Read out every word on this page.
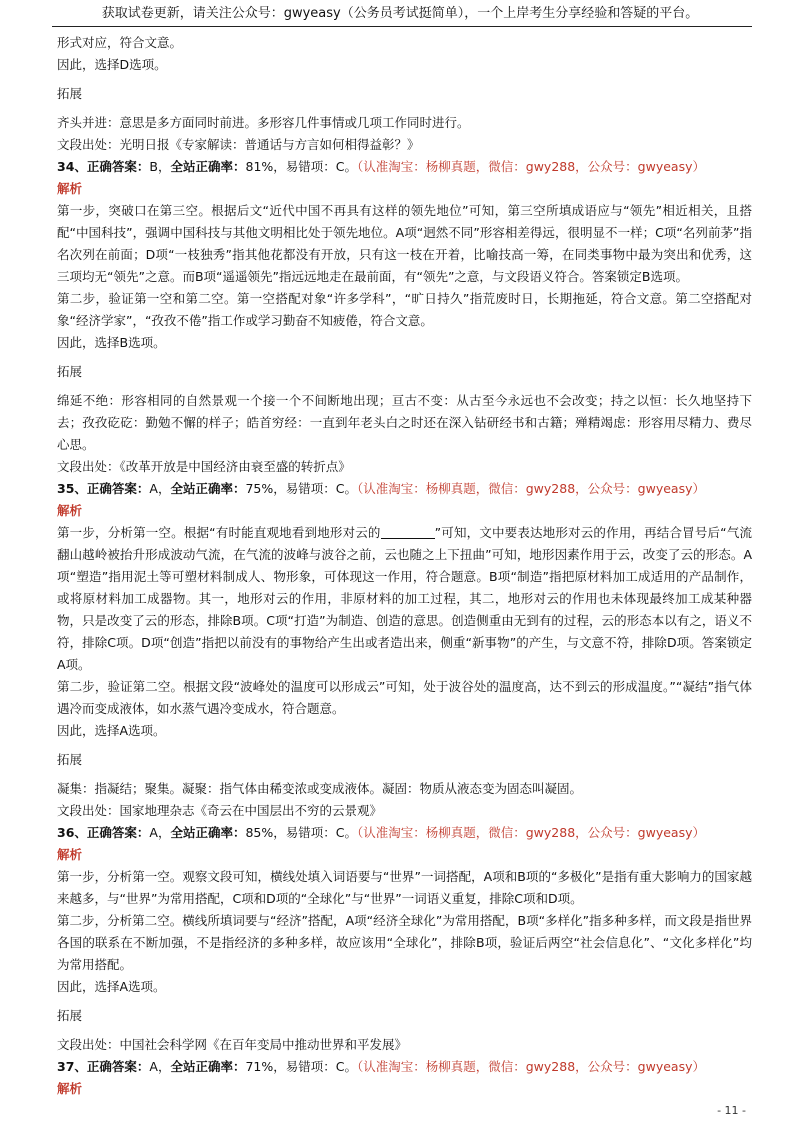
获取试卷更新，请关注公众号：gwyeasy（公务员考试挺简单），一个上岸考生分享经验和答疑的平台。

形式对应，符合文意。

因此，选择D选项。

拓展

齐头并进：意思是多方面同时前进。多形容几件事情或几项工作同时进行。

文段出处：光明日报《专家解读：普通话与方言如何相得益彰？》

34、正确答案：B，全站正确率：81%，易错项：C。（认准淘宝：杨柳真题，微信：gwy288，公众号：gwyeasy）

解析

第一步，突破口在第三空。根据后文“近代中国不再具有这样的领先地位”可知，第三空所填成语应与“领先”相近相关，且搭配“中国科技”，强调中国科技与其他文明相比处于领先地位。A项“迥然不同”形容相差得远，很明显不一样；C项“名列前茅”指名次列在前面；D项“一枝独秀”指其他花都没有开放，只有这一枝在开着，比喻技高一筹，在同类事物中最为突出和优秀，这三项均无“领先”之意。而B项“遥遥领先”指远远地走在最前面，有“领先”之意，与文段语义符合。答案锁定B选项。

第二步，验证第一空和第二空。第一空搭配对象“许多学科”，“旷日持久”指荒废时日，长期拖延，符合文意。第二空搭配对象“经济学家”，“孜孜不倦”指工作或学习勤奋不知疲倦，符合文意。

因此，选择B选项。

拓展

绵延不绝：形容相同的自然景观一个接一个不间断地出现；亘古不变：从古至今永远也不会改变；持之以恒：长久地坚持下去；孜孜矻矻：勤勉不懈的样子；皓首穷经：一直到年老头白之时还在深入钻研经书和古籍；殚精竭虑：形容用尽精力、费尽心思。

文段出处：《改革开放是中国经济由衰至盛的转折点》

35、正确答案：A，全站正确率：75%，易错项：C。（认准淘宝：杨柳真题，微信：gwy288，公众号：gwyeasy）

解析

第一步，分析第一空。根据“有时能直观地看到地形对云的	”可知，文中要表达地形对云的作用，再结合冒号后“气流翻山越岭被抬升形成波动气流，在气流的波峰与波谷之前，云也随之上下扭曲”可知，地形因素作用于云，改变了云的形态。A项“塑造”指用泥土等可塑材料制成人、物形象，可体现这一作用，符合题意。B项“制造”指把原材料加工成适用的产品制作，或将原材料加工成器物。其一，地形对云的作用，非原材料的加工过程，其二，地形对云的作用也未体现最终加工成某种器物，只是改变了云的形态，排除B项。C项“打造”为制造、创造的意思。创造侧重由无到有的过程，云的形态本以有之，语义不符，排除C项。D项“创造”指把以前没有的事物给产生出或者造出来，侧重“新事物”的产生，与文意不符，排除D项。答案锁定A项。

第二步，验证第二空。根据文段“波峰处的温度可以形成云”可知，处于波谷处的温度高，达不到云的形成温度。”“凝结”指气体遇冷而变成液体，如水蒸气遇冷变成水，符合题意。

因此，选择A选项。

拓展

凝集：指凝结；聚集。凝聚：指气体由稀变浓或变成液体。凝固：物质从液态变为固态叫凝固。

文段出处：国家地理杂志《奇云在中国层出不穷的云景观》

36、正确答案：A，全站正确率：85%，易错项：C。（认准淘宝：杨柳真题，微信：gwy288，公众号：gwyeasy）

解析

第一步，分析第一空。观察文段可知，横线处填入词语要与“世界”一词搭配，A项和B项的“多极化”是指有重大影响力的国家越来越多，与“世界”为常用搭配，C项和D项的“全球化”与“世界”一词语义重复，排除C项和D项。

第二步，分析第二空。横线所填词要与“经济”搭配，A项“经济全球化”为常用搭配，B项“多样化”指多种多样，而文段是指世界各国的联系在不断加强，不是指经济的多种多样，故应该用“全球化”，排除B项，验证后两空“社会信息化”、“文化多样化”均为常用搭配。

因此，选择A选项。

拓展

文段出处：中国社会科学网《在百年变局中推动世界和平发展》

37、正确答案：A，全站正确率：71%，易错项：C。（认准淘宝：杨柳真题，微信：gwy288，公众号：gwyeasy）

解析

- 11 -
